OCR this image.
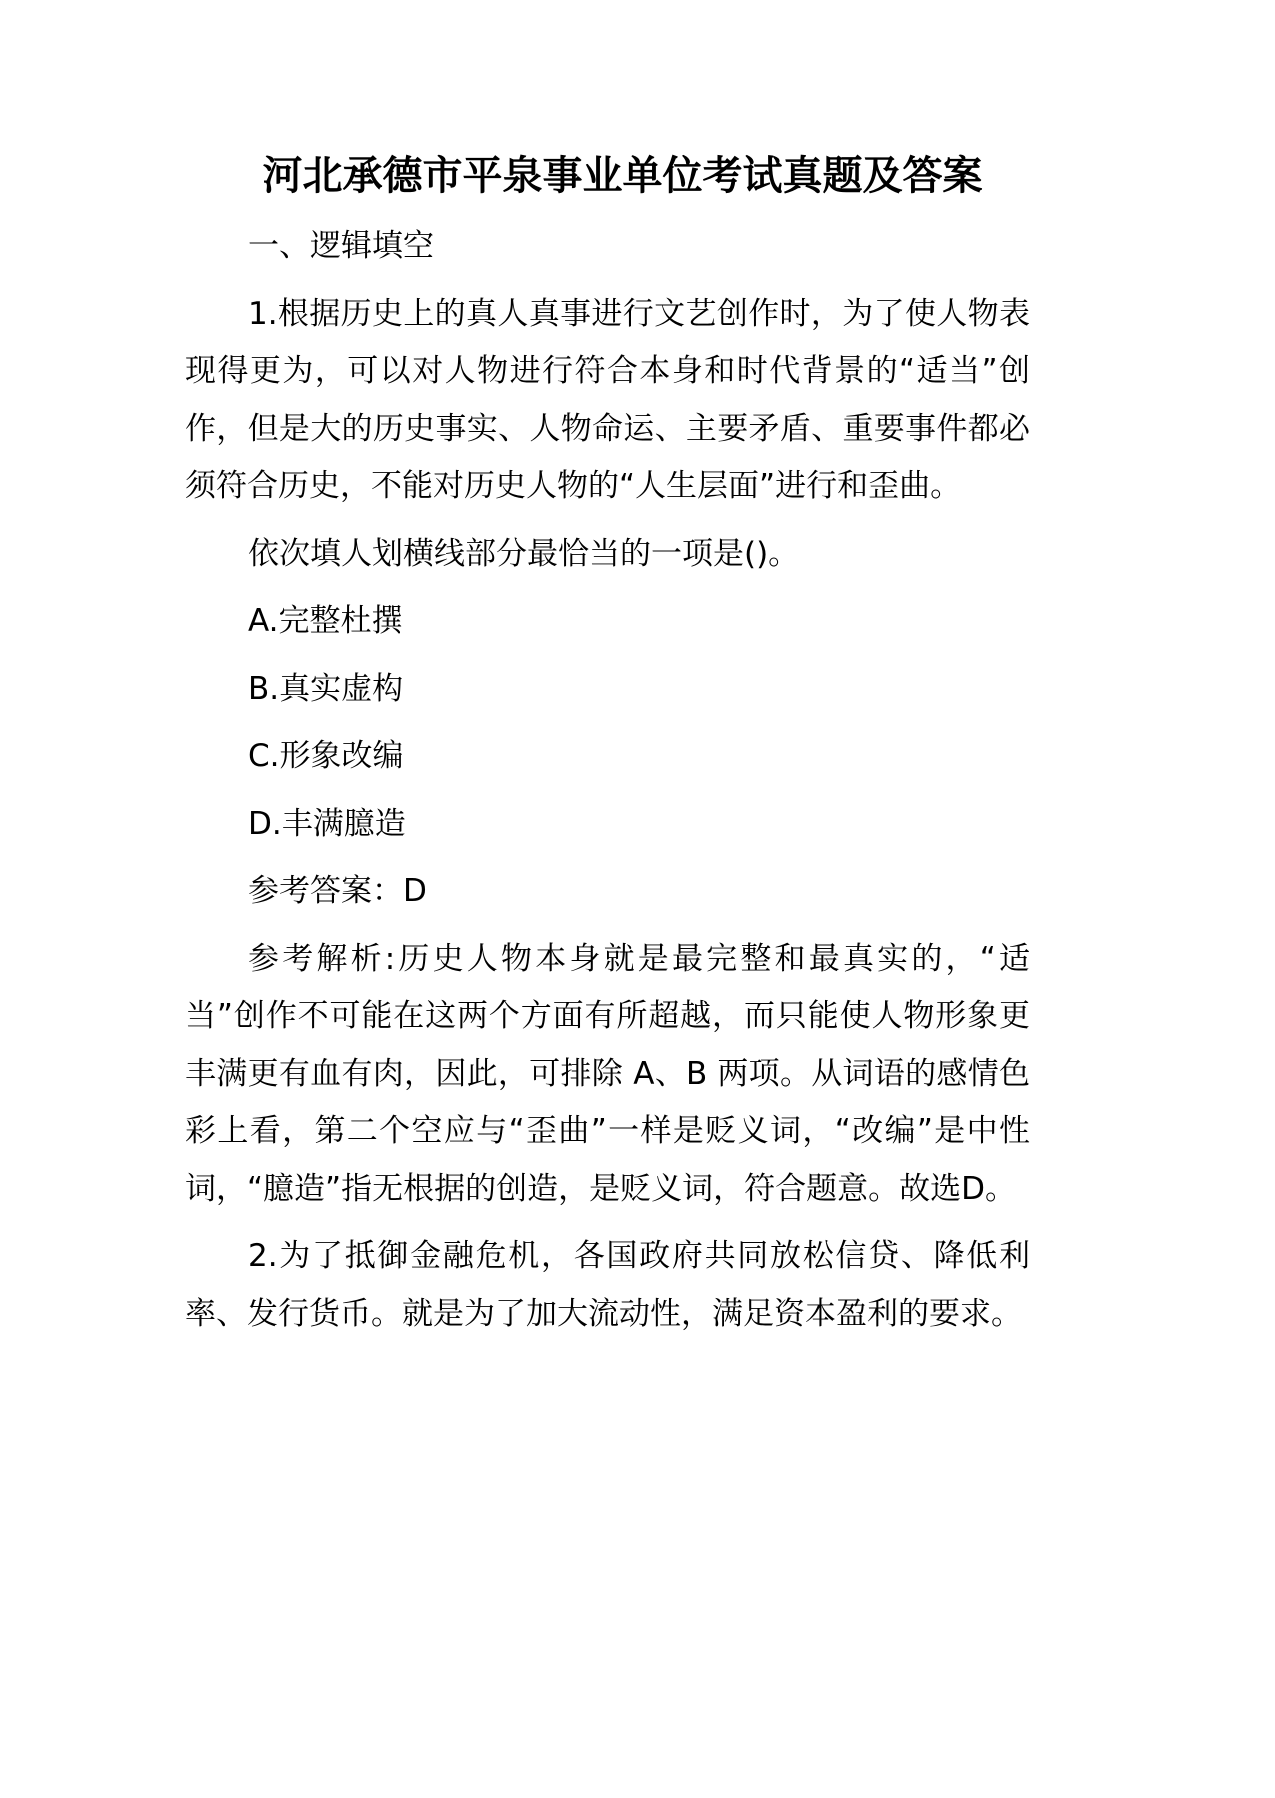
河北承德市平泉事业单位考试真题及答案

一、逻辑填空

1.根据历史上的真人真事进行文艺创作时，为了使人物表现得更为，可以对人物进行符合本身和时代背景的“适当”创作，但是大的历史事实、人物命运、主要矛盾、重要事件都必须符合历史，不能对历史人物的“人生层面”进行和歪曲。

依次填人划横线部分最恰当的一项是()。

A.完整杜撰

B.真实虚构

C.形象改编

D.丰满臆造

参考答案：D

参考解析:历史人物本身就是最完整和最真实的，“适当”创作不可能在这两个方面有所超越，而只能使人物形象更丰满更有血有肉，因此，可排除 A、B 两项。从词语的感情色彩上看，第二个空应与“歪曲”一样是贬义词，“改编”是中性词，“臆造”指无根据的创造，是贬义词，符合题意。故选D。

2.为了抵御金融危机，各国政府共同放松信贷、降低利率、发行货币。就是为了加大流动性，满足资本盈利的要求。
